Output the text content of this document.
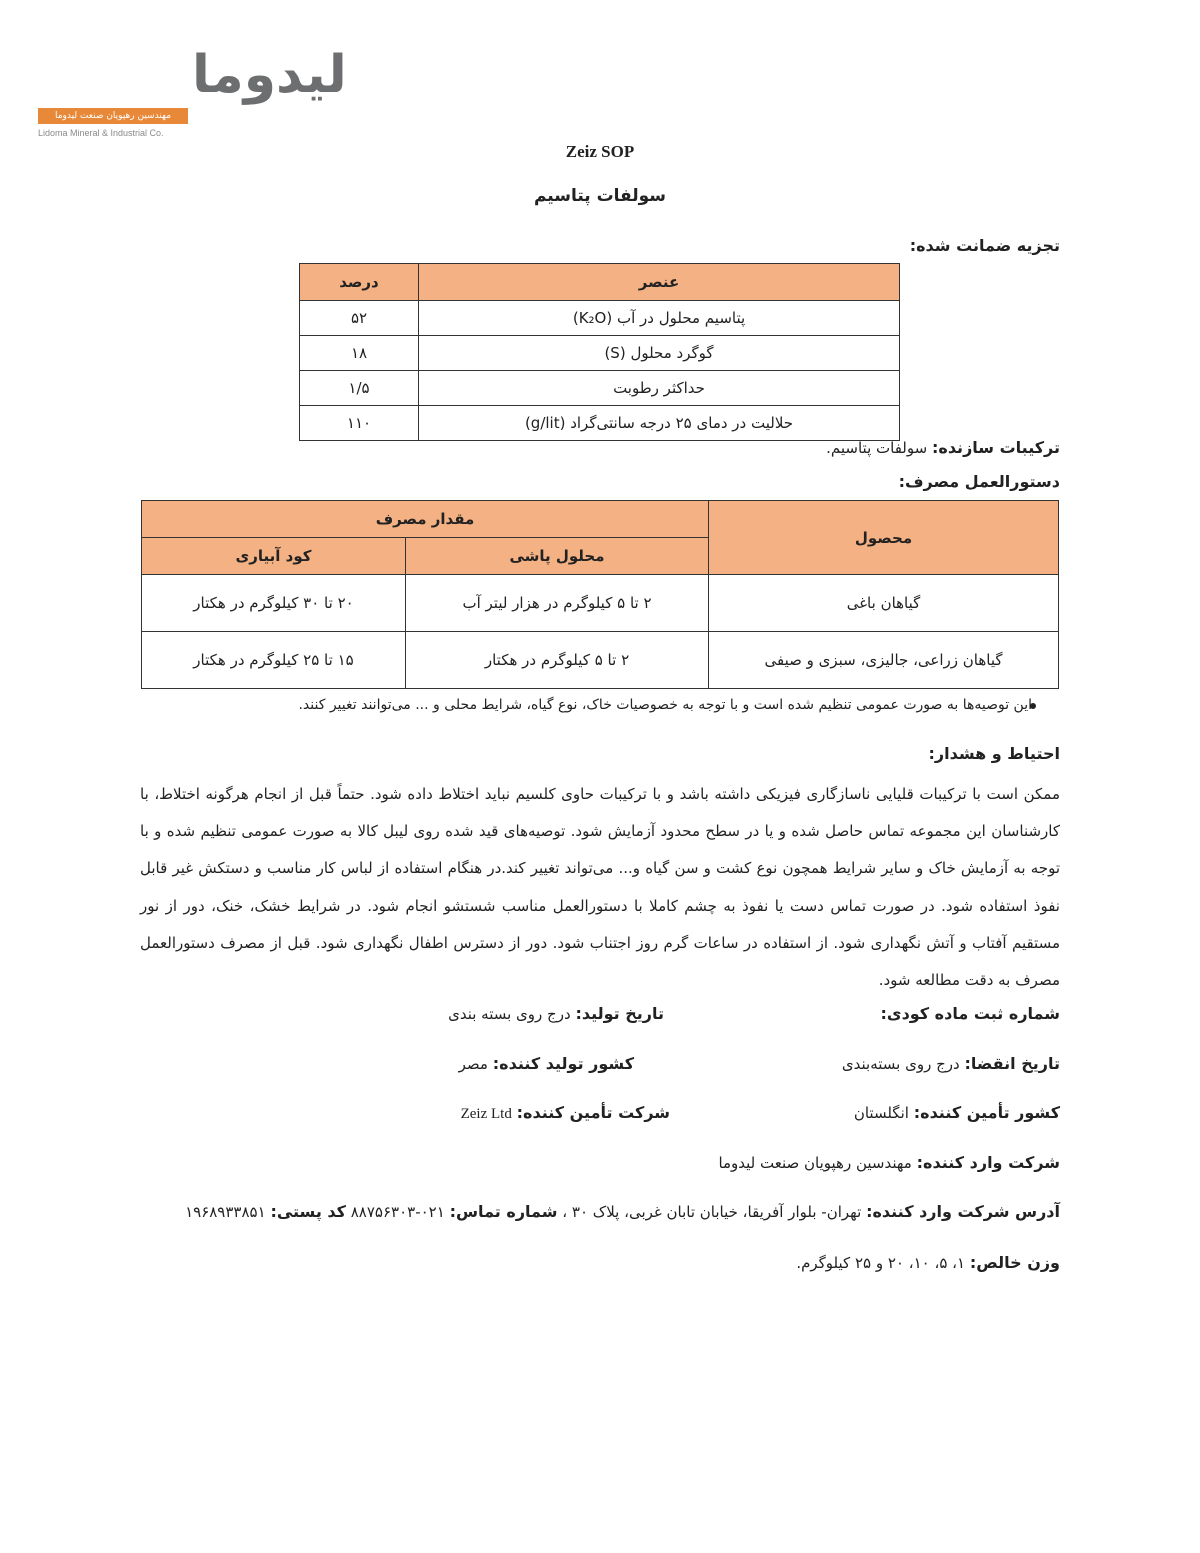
لیدوما
مهندسین رهپویان صنعت لیدوما
Lidoma Mineral & Industrial Co.
Zeiz SOP
سولفات پتاسیم
تجزیه ضمانت شده:
عنصر	درصد
پتاسیم محلول در آب (K₂O)	۵۲
گوگرد محلول (S)	۱۸
حداکثر رطوبت	۱/۵
حلالیت در دمای ۲۵ درجه سانتی‌گراد (g/lit)	۱۱۰
ترکیبات سازنده: سولفات پتاسیم.
دستورالعمل مصرف:
محصول	مقدار مصرف	
	محلول پاشی	کود آبیاری
گیاهان باغی	۲ تا ۵ کیلوگرم در هزار لیتر آب	۲۰ تا ۳۰ کیلوگرم در هکتار
گیاهان زراعی، جالیزی، سبزی و صیفی	۲ تا ۵ کیلوگرم در هکتار	۱۵ تا ۲۵ کیلوگرم در هکتار
این توصیه‌ها به صورت عمومی تنظیم شده است و با توجه به خصوصیات خاک، نوع گیاه، شرایط محلی و ... می‌توانند تغییر کنند.
احتیاط و هشدار:
ممکن است با ترکیبات قلیایی ناسازگاری فیزیکی داشته باشد و با ترکیبات حاوی کلسیم نباید اختلاط داده شود. حتماً قبل از انجام هرگونه اختلاط، با کارشناسان این مجموعه تماس حاصل شده و یا در سطح محدود آزمایش شود. توصیه‌های قید شده روی لیبل کالا به صورت عمومی تنظیم شده و با توجه به آزمایش خاک و سایر شرایط همچون نوع کشت و سن گیاه و... می‌تواند تغییر کند.در هنگام استفاده از لباس کار مناسب و دستکش غیر قابل نفوذ استفاده شود. در صورت تماس دست یا نفوذ به چشم کاملا با دستورالعمل مناسب شستشو انجام شود. در شرایط خشک، خنک، دور از نور مستقیم آفتاب و آتش نگهداری شود. از استفاده در ساعات گرم روز اجتناب شود. دور از دسترس اطفال نگهداری شود. قبل از مصرف دستورالعمل مصرف به دقت مطالعه شود.
شماره ثبت ماده کودی:
تاریخ تولید: درج روی بسته بندی
تاریخ انقضا: درج روی بسته‌بندی
کشور تولید کننده: مصر
کشور تأمین کننده: انگلستان
شرکت تأمین کننده: Zeiz Ltd
شرکت وارد کننده: مهندسین رهپویان صنعت لیدوما
آدرس شرکت وارد کننده: تهران- بلوار آفریقا، خیابان تابان غربی، پلاک ۳۰ ، شماره تماس: ۰۲۱-۸۸۷۵۶۳۰۳ کد پستی: ۱۹۶۸۹۳۳۸۵۱
وزن خالص: ۱، ۵، ۱۰، ۲۰ و ۲۵ کیلوگرم.
